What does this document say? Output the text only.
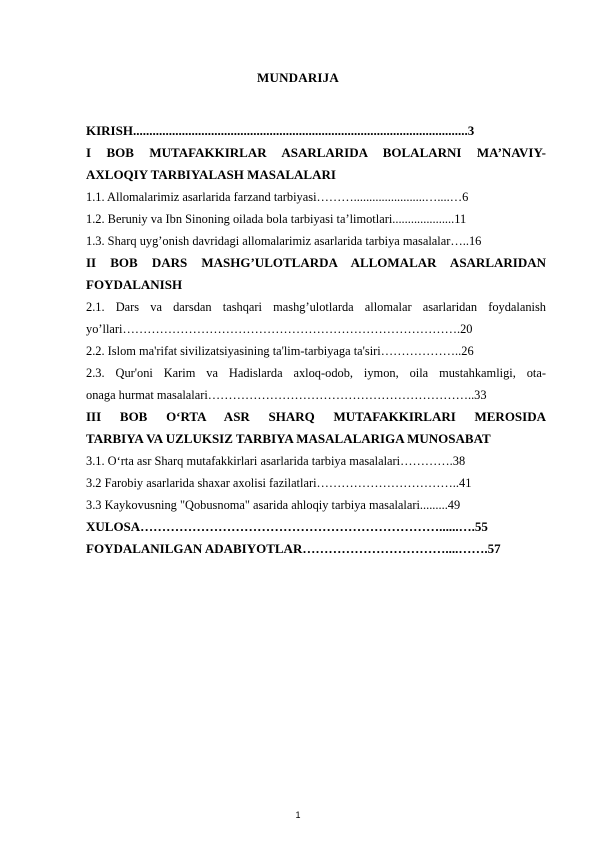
MUNDARIJA
KIRISH.......................................................................................................3
I BOB MUTAFAKKIRLAR ASARLARIDA BOLALARNI MA’NAVIY-
AXLOQIY TARBIYALASH MASALALARI
1.1. Allomalarimiz asarlarida farzand tarbiyasi……….......................…....…6
1.2. Beruniy va Ibn Sinoning oilada bola tarbiyasi ta’limotlari....................11
1.3. Sharq uyg’onish davridagi allomalarimiz asarlarida tarbiya masalalar…..16
II BOB DARS MASHG’ULOTLARDA ALLOMALAR ASARLARIDAN
FOYDALANISH
2.1. Dars va darsdan tashqari mashg’ulotlarda allomalar asarlaridan foydalanish
yo’llari……………………………………………………………………….20
2.2. Islom ma'rifat sivilizatsiyasining ta'lim-tarbiyaga ta'siri………………..26
2.3. Qur'oni Karim va Hadislarda axloq-odob, iymon, oila mustahkamligi, ota-
onaga hurmat masalalari………………………………………………………..33
III BOB O‘RTA ASR SHARQ MUTAFAKKIRLARI MEROSIDA
TARBIYA VA UZLUKSIZ TARBIYA MASALALARIGA MUNOSABAT
3.1. O‘rta asr Sharq mutafakkirlari asarlarida tarbiya masalalari………….38
3.2 Farobiy asarlarida shaxar axolisi fazilatlari……………………………..41
3.3 Kaykovusning "Qobusnoma" asarida ahloqiy tarbiya masalalari.........49
XULOSA……………………………………………………………......….55
FOYDALANILGAN ADABIYOTLAR……………………………....…….57
1
